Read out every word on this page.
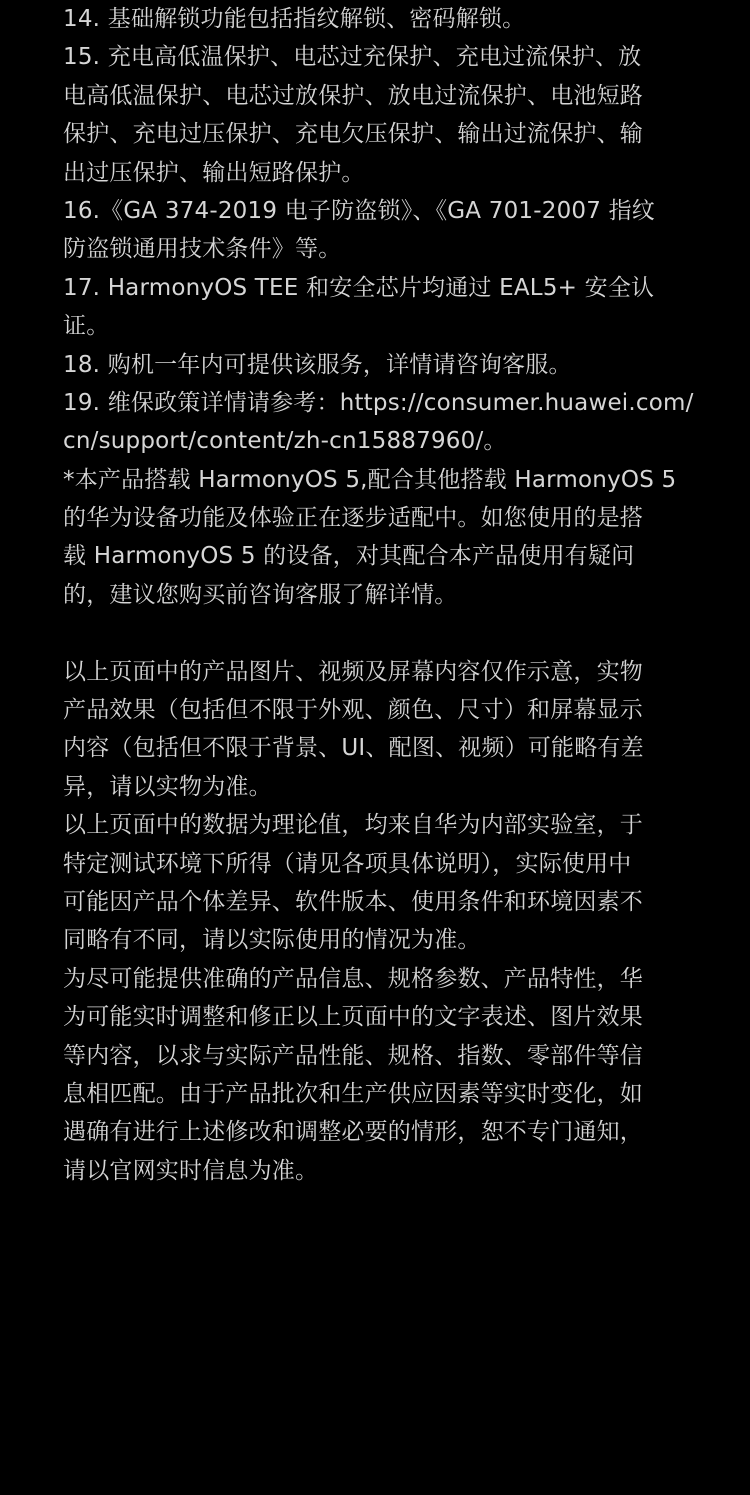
14. 基础解锁功能包括指纹解锁、密码解锁。
15. 充电高低温保护、电芯过充保护、充电过流保护、放
电高低温保护、电芯过放保护、放电过流保护、电池短路
保护、充电过压保护、充电欠压保护、输出过流保护、输
出过压保护、输出短路保护。
16.《GA 374-2019 电子防盗锁》、《GA 701-2007 指纹
防盗锁通用技术条件》等。
17. HarmonyOS TEE 和安全芯片均通过 EAL5+ 安全认
证。
18. 购机一年内可提供该服务，详情请咨询客服。
19. 维保政策详情请参考：https://consumer.huawei.com/
cn/support/content/zh-cn15887960/。
*本产品搭载 HarmonyOS 5,配合其他搭载 HarmonyOS 5
的华为设备功能及体验正在逐步适配中。如您使用的是搭
载 HarmonyOS 5 的设备，对其配合本产品使用有疑问
的，建议您购买前咨询客服了解详情。
以上页面中的产品图片、视频及屏幕内容仅作示意，实物
产品效果（包括但不限于外观、颜色、尺寸）和屏幕显示
内容（包括但不限于背景、UI、配图、视频）可能略有差
异，请以实物为准。
以上页面中的数据为理论值，均来自华为内部实验室，于
特定测试环境下所得（请见各项具体说明），实际使用中
可能因产品个体差异、软件版本、使用条件和环境因素不
同略有不同，请以实际使用的情况为准。
为尽可能提供准确的产品信息、规格参数、产品特性，华
为可能实时调整和修正以上页面中的文字表述、图片效果
等内容，以求与实际产品性能、规格、指数、零部件等信
息相匹配。由于产品批次和生产供应因素等实时变化，如
遇确有进行上述修改和调整必要的情形，恕不专门通知，
请以官网实时信息为准。
